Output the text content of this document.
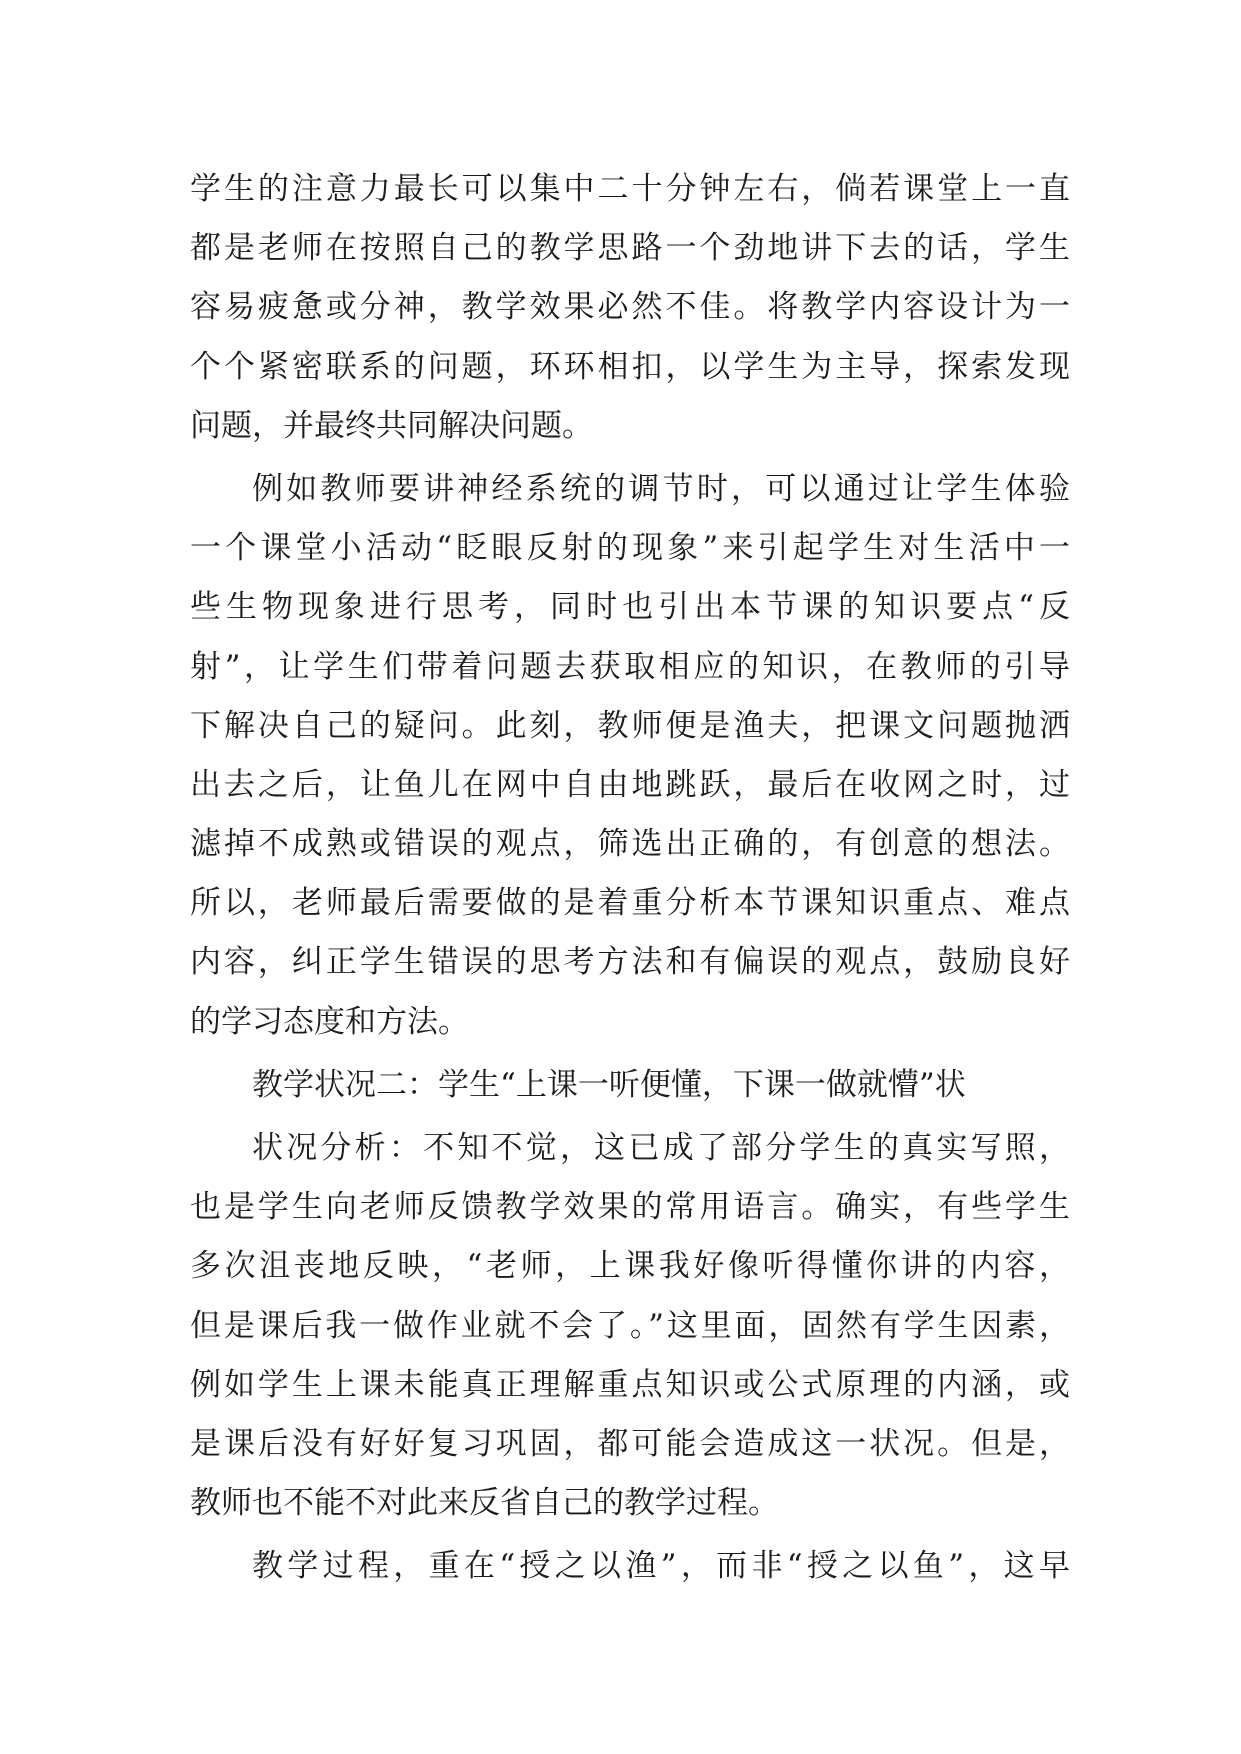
学生的注意力最长可以集中二十分钟左右，倘若课堂上一直
都是老师在按照自己的教学思路一个劲地讲下去的话，学生
容易疲惫或分神，教学效果必然不佳。将教学内容设计为一
个个紧密联系的问题，环环相扣，以学生为主导，探索发现
问题，并最终共同解决问题。
例如教师要讲神经系统的调节时，可以通过让学生体验
一个课堂小活动“眨眼反射的现象”来引起学生对生活中一
些生物现象进行思考，同时也引出本节课的知识要点“反
射”，让学生们带着问题去获取相应的知识，在教师的引导
下解决自己的疑问。此刻，教师便是渔夫，把课文问题抛洒
出去之后，让鱼儿在网中自由地跳跃，最后在收网之时，过
滤掉不成熟或错误的观点，筛选出正确的，有创意的想法。
所以，老师最后需要做的是着重分析本节课知识重点、难点
内容，纠正学生错误的思考方法和有偏误的观点，鼓励良好
的学习态度和方法。
教学状况二：学生“上课一听便懂，下课一做就懵”状
状况分析：不知不觉，这已成了部分学生的真实写照，
也是学生向老师反馈教学效果的常用语言。确实，有些学生
多次沮丧地反映，“老师，上课我好像听得懂你讲的内容，
但是课后我一做作业就不会了。”这里面，固然有学生因素，
例如学生上课未能真正理解重点知识或公式原理的内涵，或
是课后没有好好复习巩固，都可能会造成这一状况。但是，
教师也不能不对此来反省自己的教学过程。
教学过程，重在“授之以渔”，而非“授之以鱼”，这早
